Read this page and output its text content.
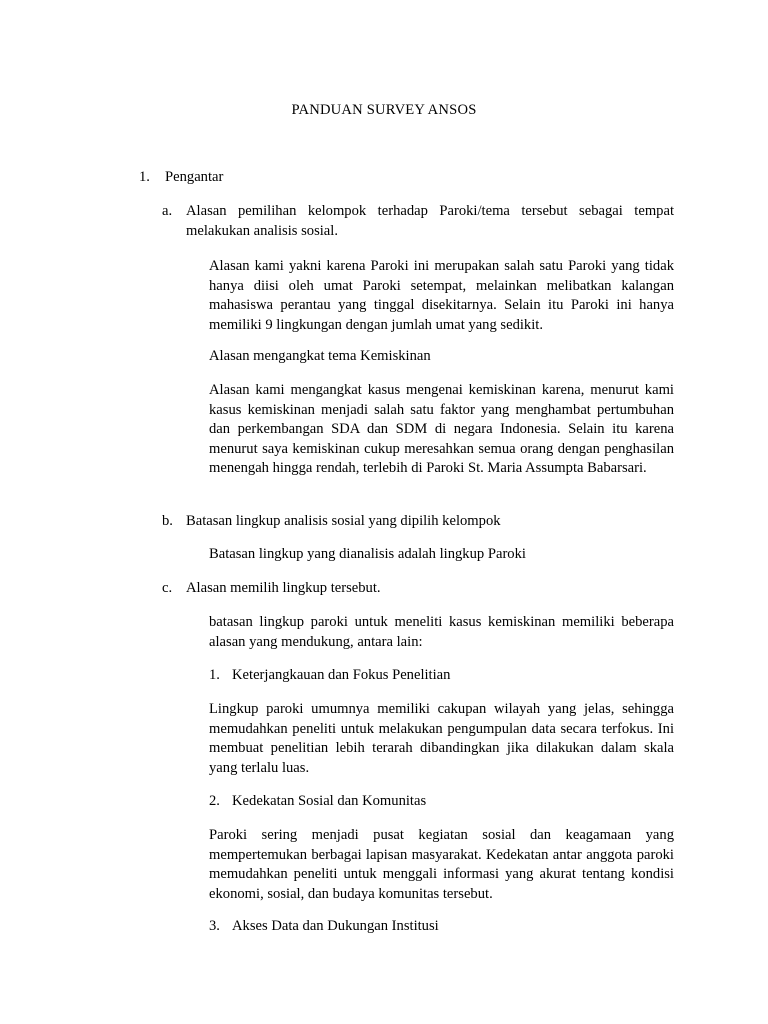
PANDUAN SURVEY ANSOS
1. Pengantar
a. Alasan pemilihan kelompok terhadap Paroki/tema tersebut sebagai tempat melakukan analisis sosial.
Alasan kami yakni karena Paroki ini merupakan salah satu Paroki yang tidak hanya diisi oleh umat Paroki setempat, melainkan melibatkan kalangan mahasiswa perantau yang tinggal disekitarnya. Selain itu Paroki ini hanya memiliki 9 lingkungan dengan jumlah umat yang sedikit.
Alasan mengangkat tema Kemiskinan
Alasan kami mengangkat kasus mengenai kemiskinan karena, menurut kami kasus kemiskinan menjadi salah satu faktor yang menghambat pertumbuhan dan perkembangan SDA dan SDM di negara Indonesia. Selain itu karena menurut saya kemiskinan cukup meresahkan semua orang dengan penghasilan menengah hingga rendah, terlebih di Paroki St. Maria Assumpta Babarsari.
b. Batasan lingkup analisis sosial yang dipilih kelompok
Batasan lingkup yang dianalisis adalah lingkup Paroki
c. Alasan memilih lingkup tersebut.
batasan lingkup paroki untuk meneliti kasus kemiskinan memiliki beberapa alasan yang mendukung, antara lain:
1. Keterjangkauan dan Fokus Penelitian
Lingkup paroki umumnya memiliki cakupan wilayah yang jelas, sehingga memudahkan peneliti untuk melakukan pengumpulan data secara terfokus. Ini membuat penelitian lebih terarah dibandingkan jika dilakukan dalam skala yang terlalu luas.
2. Kedekatan Sosial dan Komunitas
Paroki sering menjadi pusat kegiatan sosial dan keagamaan yang mempertemukan berbagai lapisan masyarakat. Kedekatan antar anggota paroki memudahkan peneliti untuk menggali informasi yang akurat tentang kondisi ekonomi, sosial, dan budaya komunitas tersebut.
3. Akses Data dan Dukungan Institusi
